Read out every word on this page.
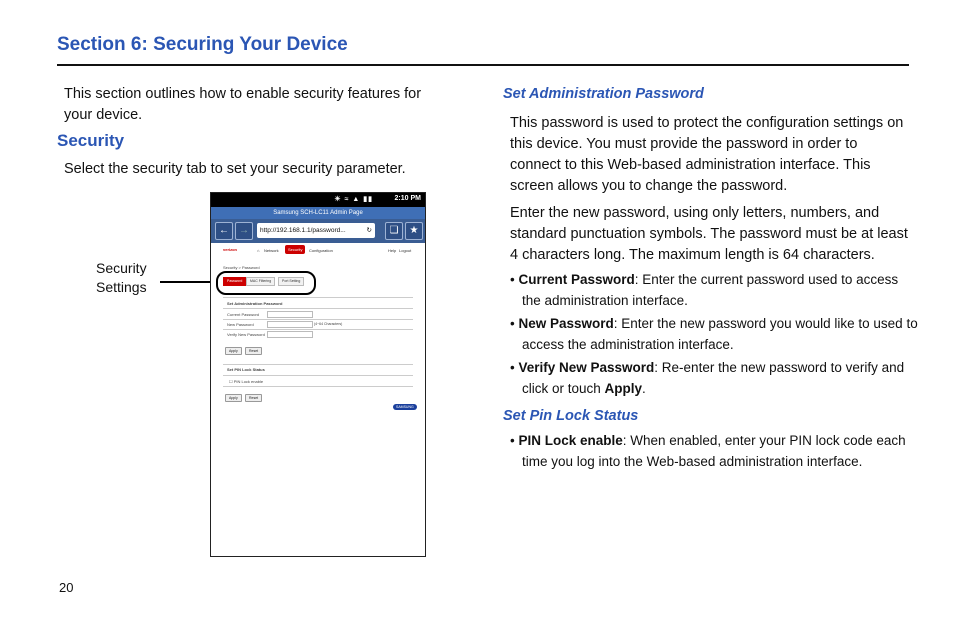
Section 6: Securing Your Device
This section outlines how to enable security features for your device.
Security
Select the security tab to set your security parameter.
Security
Settings
☀ ≈ ▲ ▮▮	2:10 PM
Samsung SCH-LC11 Admin Page
←	→	http://192.168.1.1/password...	↻	❏	★
verizon	⌂ Network	Security	Configuration	Help Logout
Security > Password
Password	MAC Filtering	Port Setting
Set Administration Password
Current Password
New Password	(4~64 Characters)
Verify New Password
Apply	Reset
Set PIN Lock Status
☐ PIN Lock enable
Apply	Reset
SAMSUNG
Set Administration Password
This password is used to protect the configuration settings on this device. You must provide the password in order to connect to this Web-based administration interface. This screen allows you to change the password.
Enter the new password, using only letters, numbers, and standard punctuation symbols. The password must be at least 4 characters long. The maximum length is 64 characters.
• Current Password: Enter the current password used to access the administration interface.
• New Password: Enter the new password you would like to used to access the administration interface.
• Verify New Password: Re-enter the new password to verify and click or touch Apply.
Set Pin Lock Status
• PIN Lock enable: When enabled, enter your PIN lock code each time you log into the Web-based administration interface.
20
